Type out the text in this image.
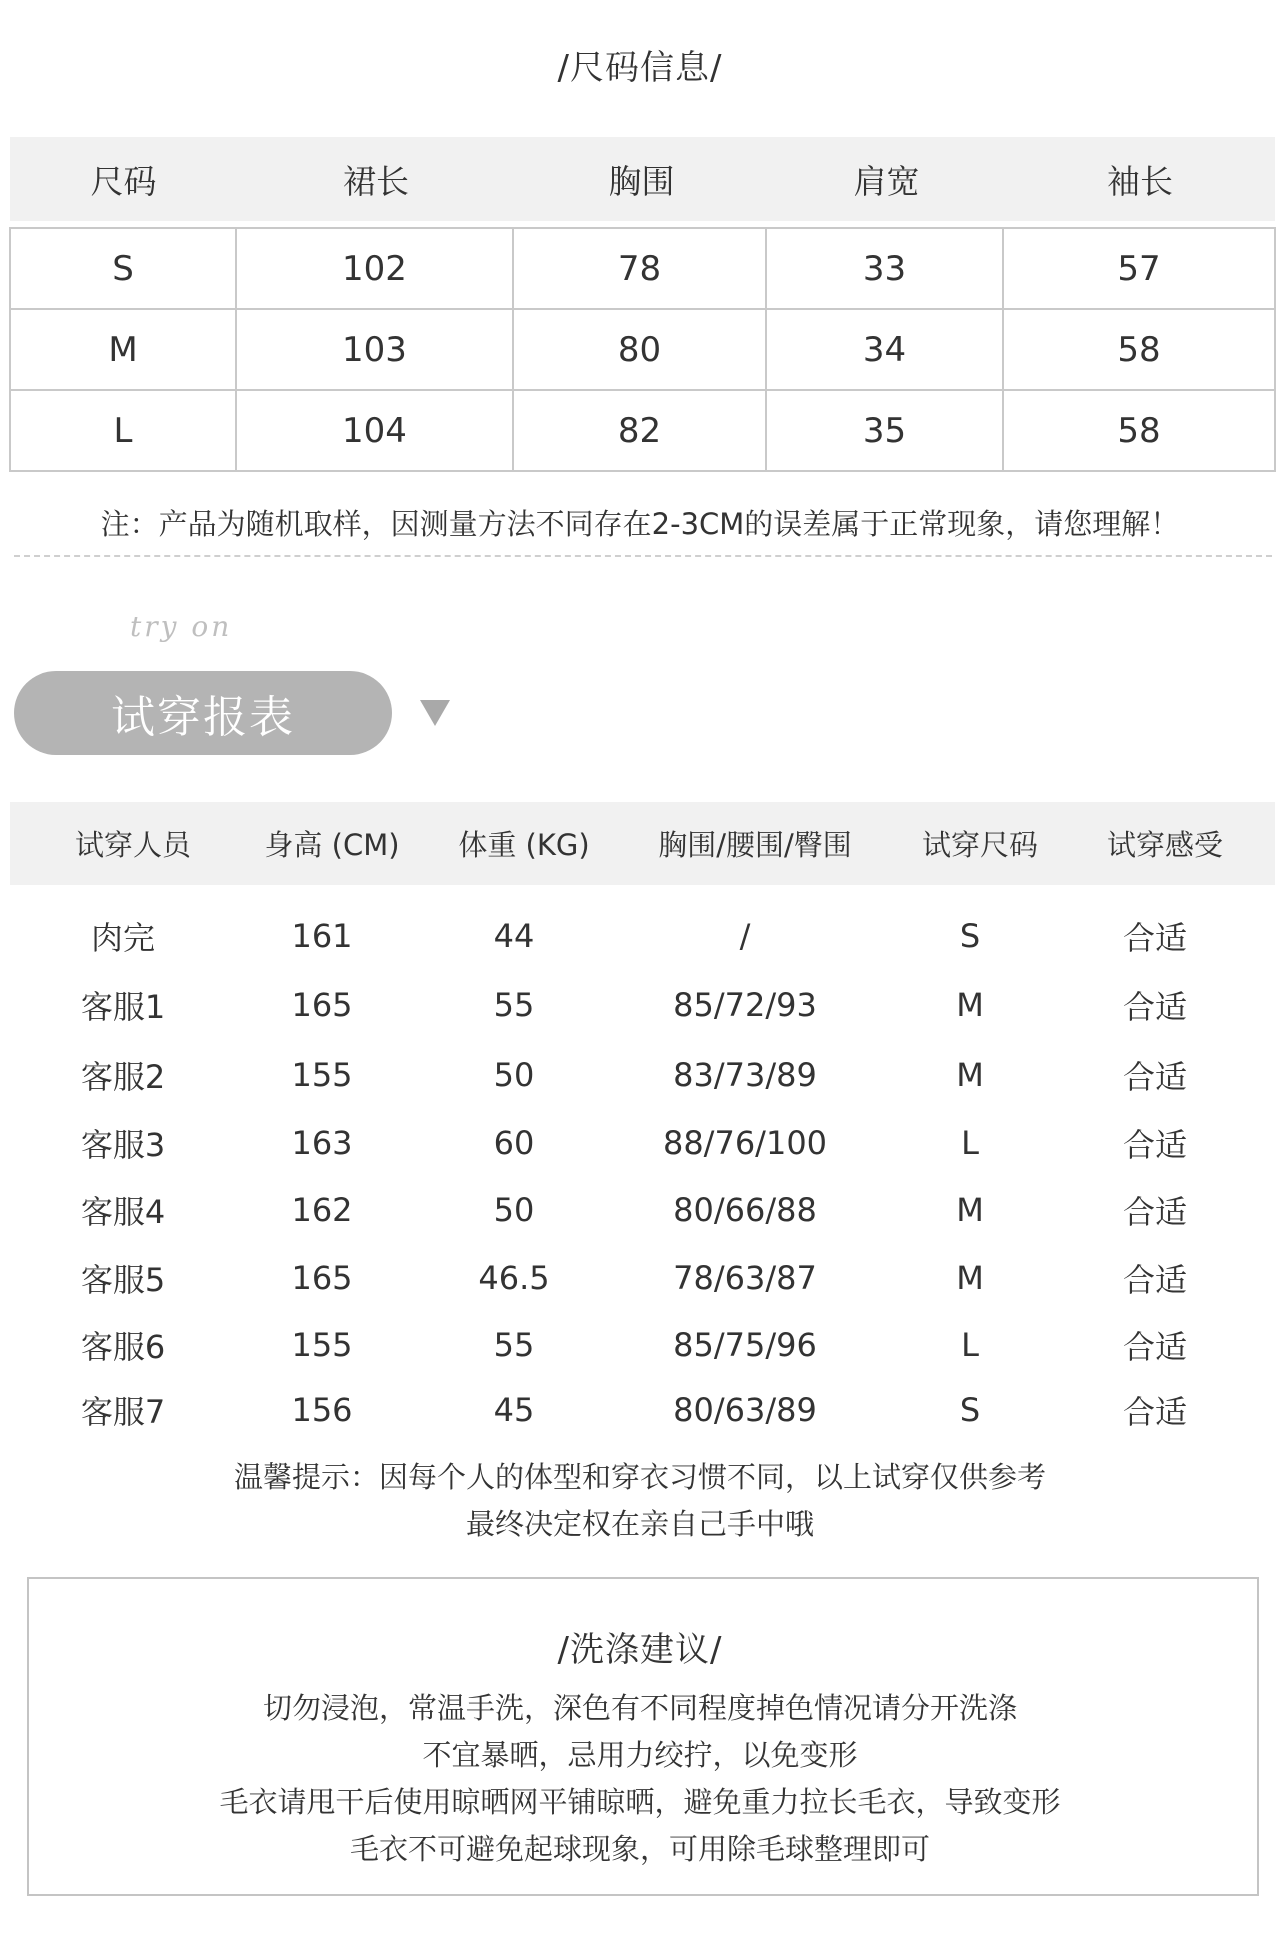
/尺码信息/
尺码	裙长	胸围	肩宽	袖长
S	102	78	33	57
M	103	80	34	58
L	104	82	35	58
注：产品为随机取样，因测量方法不同存在2-3CM的误差属于正常现象，请您理解！
try on
试穿报表
试穿人员	身高 (CM)	体重 (KG)	胸围/腰围/臀围	试穿尺码	试穿感受
肉完	161	44	/	S	合适
客服1	165	55	85/72/93	M	合适
客服2	155	50	83/73/89	M	合适
客服3	163	60	88/76/100	L	合适
客服4	162	50	80/66/88	M	合适
客服5	165	46.5	78/63/87	M	合适
客服6	155	55	85/75/96	L	合适
客服7	156	45	80/63/89	S	合适
温馨提示：因每个人的体型和穿衣习惯不同，以上试穿仅供参考
最终决定权在亲自己手中哦
/洗涤建议/
切勿浸泡，常温手洗，深色有不同程度掉色情况请分开洗涤
不宜暴晒，忌用力绞拧，以免变形
毛衣请甩干后使用晾晒网平铺晾晒，避免重力拉长毛衣，导致变形
毛衣不可避免起球现象，可用除毛球整理即可
